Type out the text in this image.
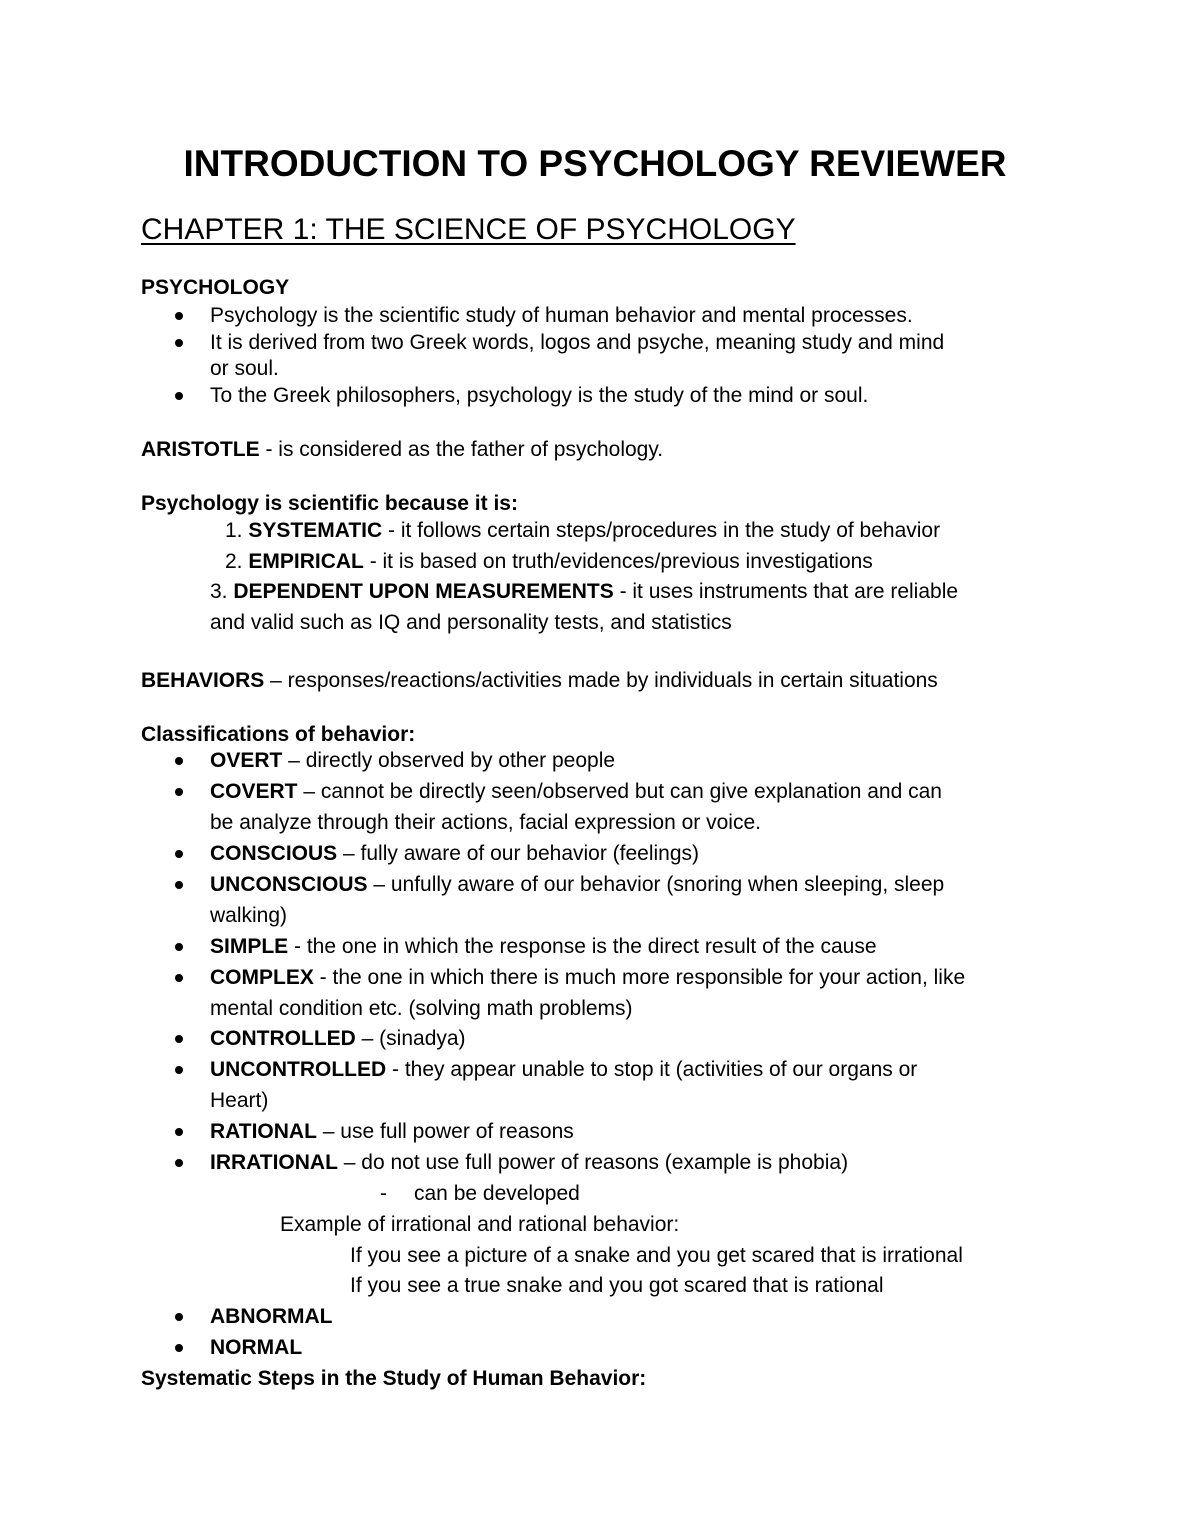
INTRODUCTION TO PSYCHOLOGY REVIEWER
CHAPTER 1: THE SCIENCE OF PSYCHOLOGY
PSYCHOLOGY
Psychology is the scientific study of human behavior and mental processes.
It is derived from two Greek words, logos and psyche, meaning study and mind
or soul.
To the Greek philosophers, psychology is the study of the mind or soul.
ARISTOTLE - is considered as the father of psychology.
Psychology is scientific because it is:
1. SYSTEMATIC - it follows certain steps/procedures in the study of behavior
2. EMPIRICAL - it is based on truth/evidences/previous investigations
3. DEPENDENT UPON MEASUREMENTS - it uses instruments that are reliable
and valid such as IQ and personality tests, and statistics
BEHAVIORS – responses/reactions/activities made by individuals in certain situations
Classifications of behavior:
OVERT – directly observed by other people
COVERT – cannot be directly seen/observed but can give explanation and can
be analyze through their actions, facial expression or voice.
CONSCIOUS – fully aware of our behavior (feelings)
UNCONSCIOUS – unfully aware of our behavior (snoring when sleeping, sleep
walking)
SIMPLE - the one in which the response is the direct result of the cause
COMPLEX - the one in which there is much more responsible for your action, like
mental condition etc. (solving math problems)
CONTROLLED – (sinadya)
UNCONTROLLED - they appear unable to stop it (activities of our organs or
Heart)
RATIONAL – use full power of reasons
IRRATIONAL – do not use full power of reasons (example is phobia)
- can be developed
Example of irrational and rational behavior:
If you see a picture of a snake and you get scared that is irrational
If you see a true snake and you got scared that is rational
ABNORMAL
NORMAL
Systematic Steps in the Study of Human Behavior:
